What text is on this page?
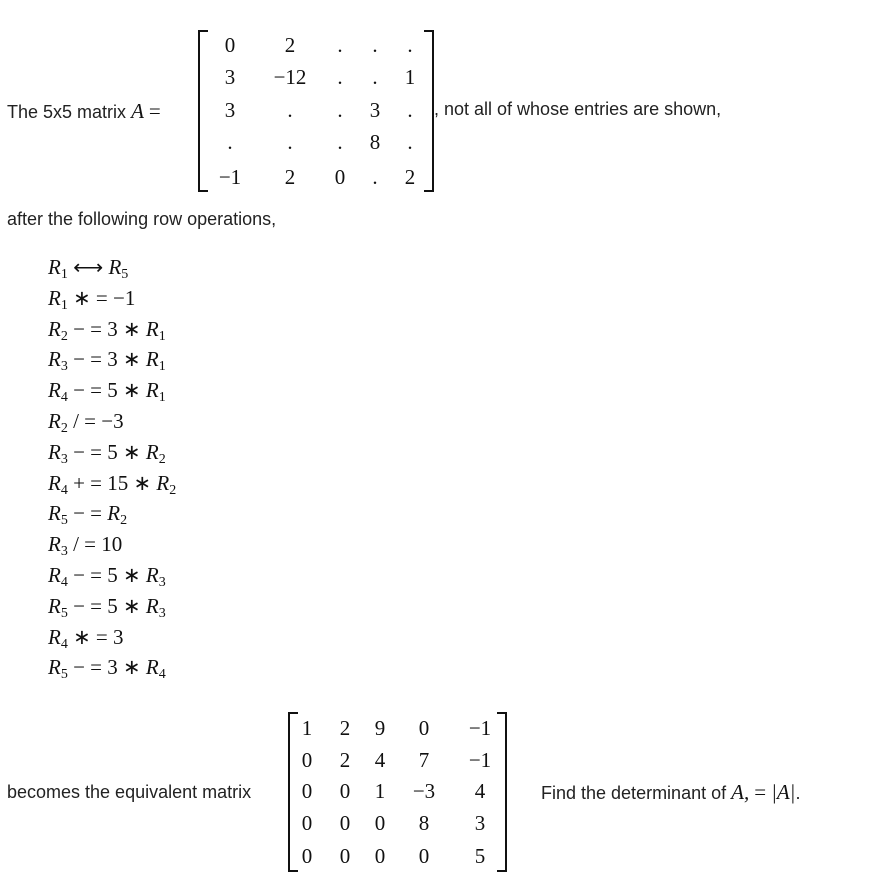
The 5x5 matrix A =
0	2	.	.	.
3	−12	.	.	1
3	.	.	3	.
.	.	.	8	.
−1	2	0	.	2
, not all of whose entries are shown,
after the following row operations,
$R_1$ ⟷ $R_5$
$R_1$ ∗ = −1
$R_2$ − = 3 ∗ $R_1$
$R_3$ − = 3 ∗ $R_1$
$R_4$ − = 5 ∗ $R_1$
$R_2$ / = −3
$R_3$ − = 5 ∗ $R_2$
$R_4$ + = 15 ∗ $R_2$
$R_5$ − = $R_2$
$R_3$ / = 10
$R_4$ − = 5 ∗ $R_3$
$R_5$ − = 5 ∗ $R_3$
$R_4$ ∗ = 3
$R_5$ − = 3 ∗ $R_4$
becomes the equivalent matrix
1	2	9	0	−1
0	2	4	7	−1
0	0	1	−3	4
0	0	0	8	3
0	0	0	0	5
Find the determinant of A, = |A|.
